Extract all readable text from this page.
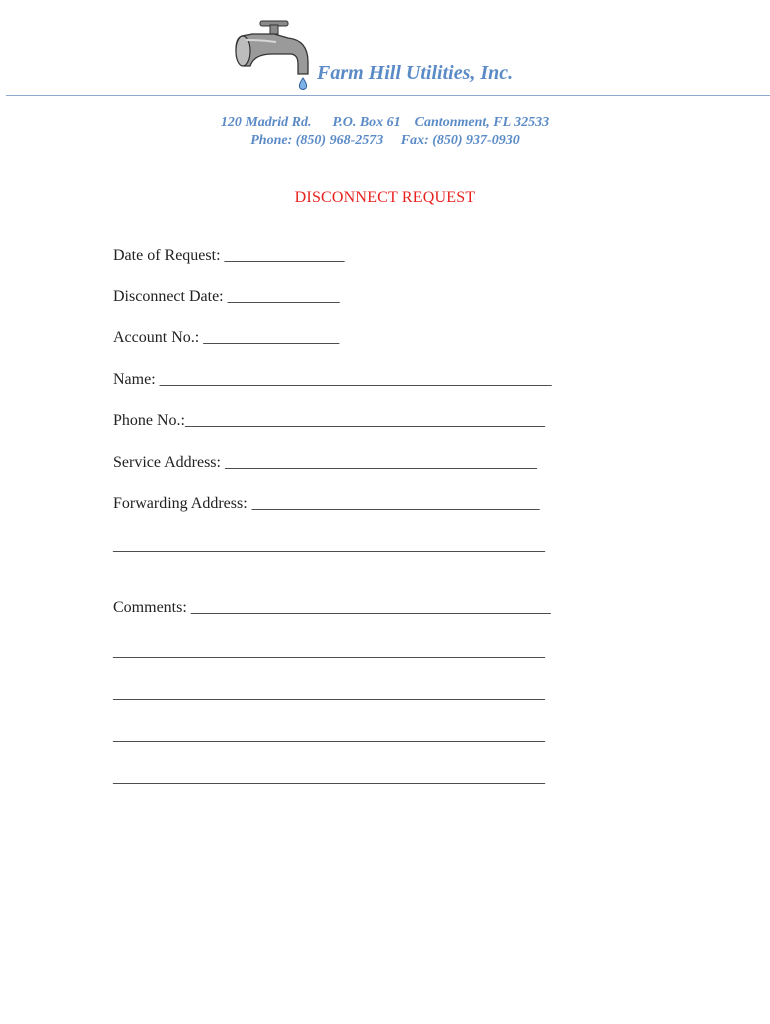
Farm Hill Utilities, Inc.
120 Madrid Rd.      P.O. Box 61    Cantonment, FL 32533
Phone: (850) 968-2573     Fax: (850) 937-0930
DISCONNECT REQUEST
Date of Request: _______________
Disconnect Date: ______________
Account No.: _________________
Name: _________________________________________________
Phone No.:_____________________________________________
Service Address: _______________________________________
Forwarding Address: ____________________________________
______________________________________________________
Comments: _____________________________________________
______________________________________________________
______________________________________________________
______________________________________________________
______________________________________________________
